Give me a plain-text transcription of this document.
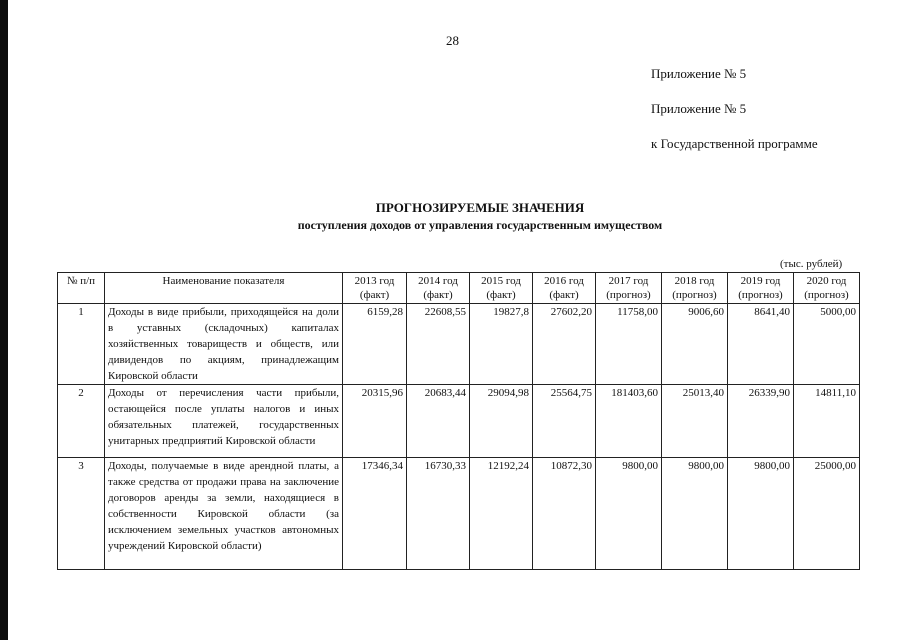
28
Приложение № 5
Приложение № 5
к Государственной программе
ПРОГНОЗИРУЕМЫЕ ЗНАЧЕНИЯ
поступления доходов от управления государственным имуществом
(тыс. рублей)
№ п/п	Наименование показателя	2013 год (факт)	2014 год (факт)	2015 год (факт)	2016 год (факт)	2017 год (прогноз)	2018 год (прогноз)	2019 год (прогноз)	2020 год (прогноз)
1	Доходы в виде прибыли, приходящейся на доли в уставных (складочных) капиталах хозяйственных товариществ и обществ, или дивидендов по акциям, принадлежащим Кировской области	6159,28	22608,55	19827,8	27602,20	11758,00	9006,60	8641,40	5000,00
2	Доходы от перечисления части прибыли, остающейся после уплаты налогов и иных обязательных платежей, государственных унитарных предприятий Кировской области	20315,96	20683,44	29094,98	25564,75	181403,60	25013,40	26339,90	14811,10
3	Доходы, получаемые в виде арендной платы, а также средства от продажи права на заключение договоров аренды за земли, находящиеся в собственности Кировской области (за исключением земельных участков автономных учреждений Кировской области)	17346,34	16730,33	12192,24	10872,30	9800,00	9800,00	9800,00	25000,00
